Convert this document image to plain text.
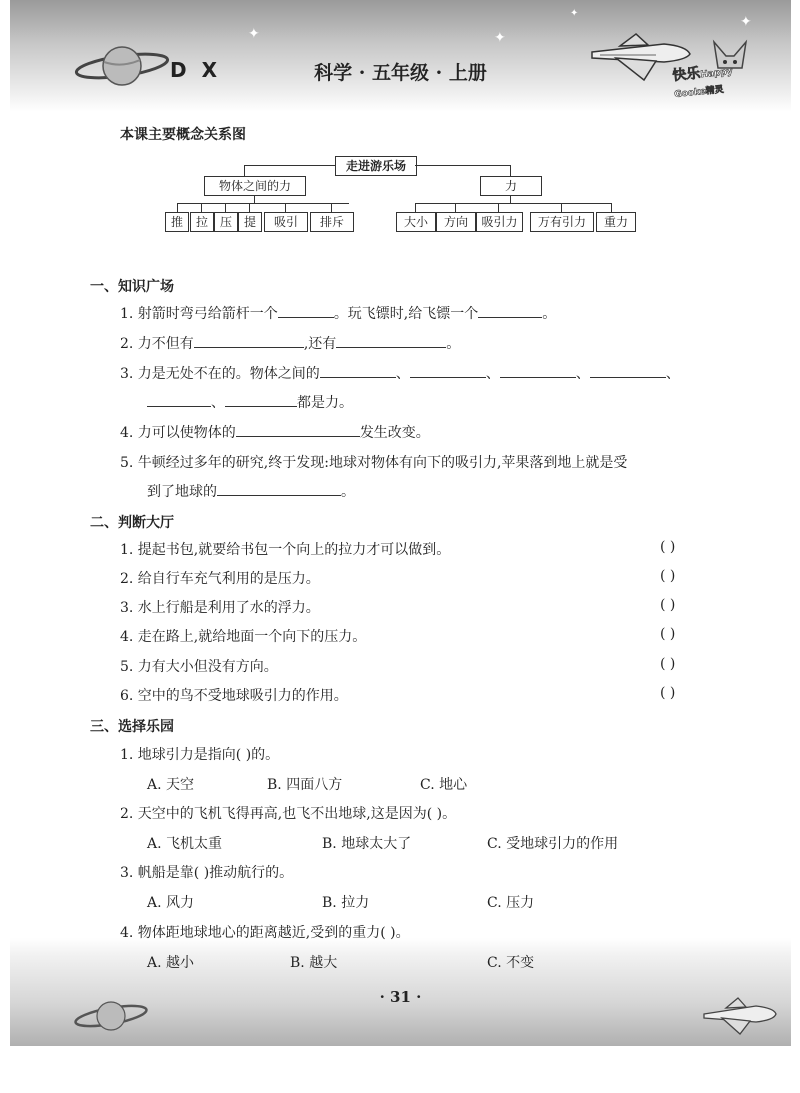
✦	✦
✦
✦
D X	科学 · 五年级 · 上册	快乐Happy
Gooke精灵
本课主要概念关系图
走进游乐场
物体之间的力	力
推	拉 压 提	吸引	排斥	大小	方向	吸引力	万有引力	重力
一、知识广场
1. 射箭时弯弓给箭杆一个	。玩飞镖时,给飞镖一个	。
2. 力不但有	,还有	。
3. 力是无处不在的。物体之间的	、	、	、	、
、	都是力。
4. 力可以使物体的	发生改变。
5. 牛顿经过多年的研究,终于发现:地球对物体有向下的吸引力,苹果落到地上就是受
到了地球的	。
二、判断大厅
1. 提起书包,就要给书包一个向上的拉力才可以做到。	( )
2. 给自行车充气利用的是压力。	( )
3. 水上行船是利用了水的浮力。	( )
4. 走在路上,就给地面一个向下的压力。	( )
5. 力有大小但没有方向。	( )
6. 空中的鸟不受地球吸引力的作用。	( )
三、选择乐园
1. 地球引力是指向( )的。
A. 天空	B. 四面八方	C. 地心
2. 天空中的飞机飞得再高,也飞不出地球,这是因为( )。
A. 飞机太重	B. 地球太大了	C. 受地球引力的作用
3. 帆船是靠( )推动航行的。
A. 风力	B. 拉力	C. 压力
4. 物体距地球地心的距离越近,受到的重力( )。
A. 越小	B. 越大	C. 不变
· 31 ·
